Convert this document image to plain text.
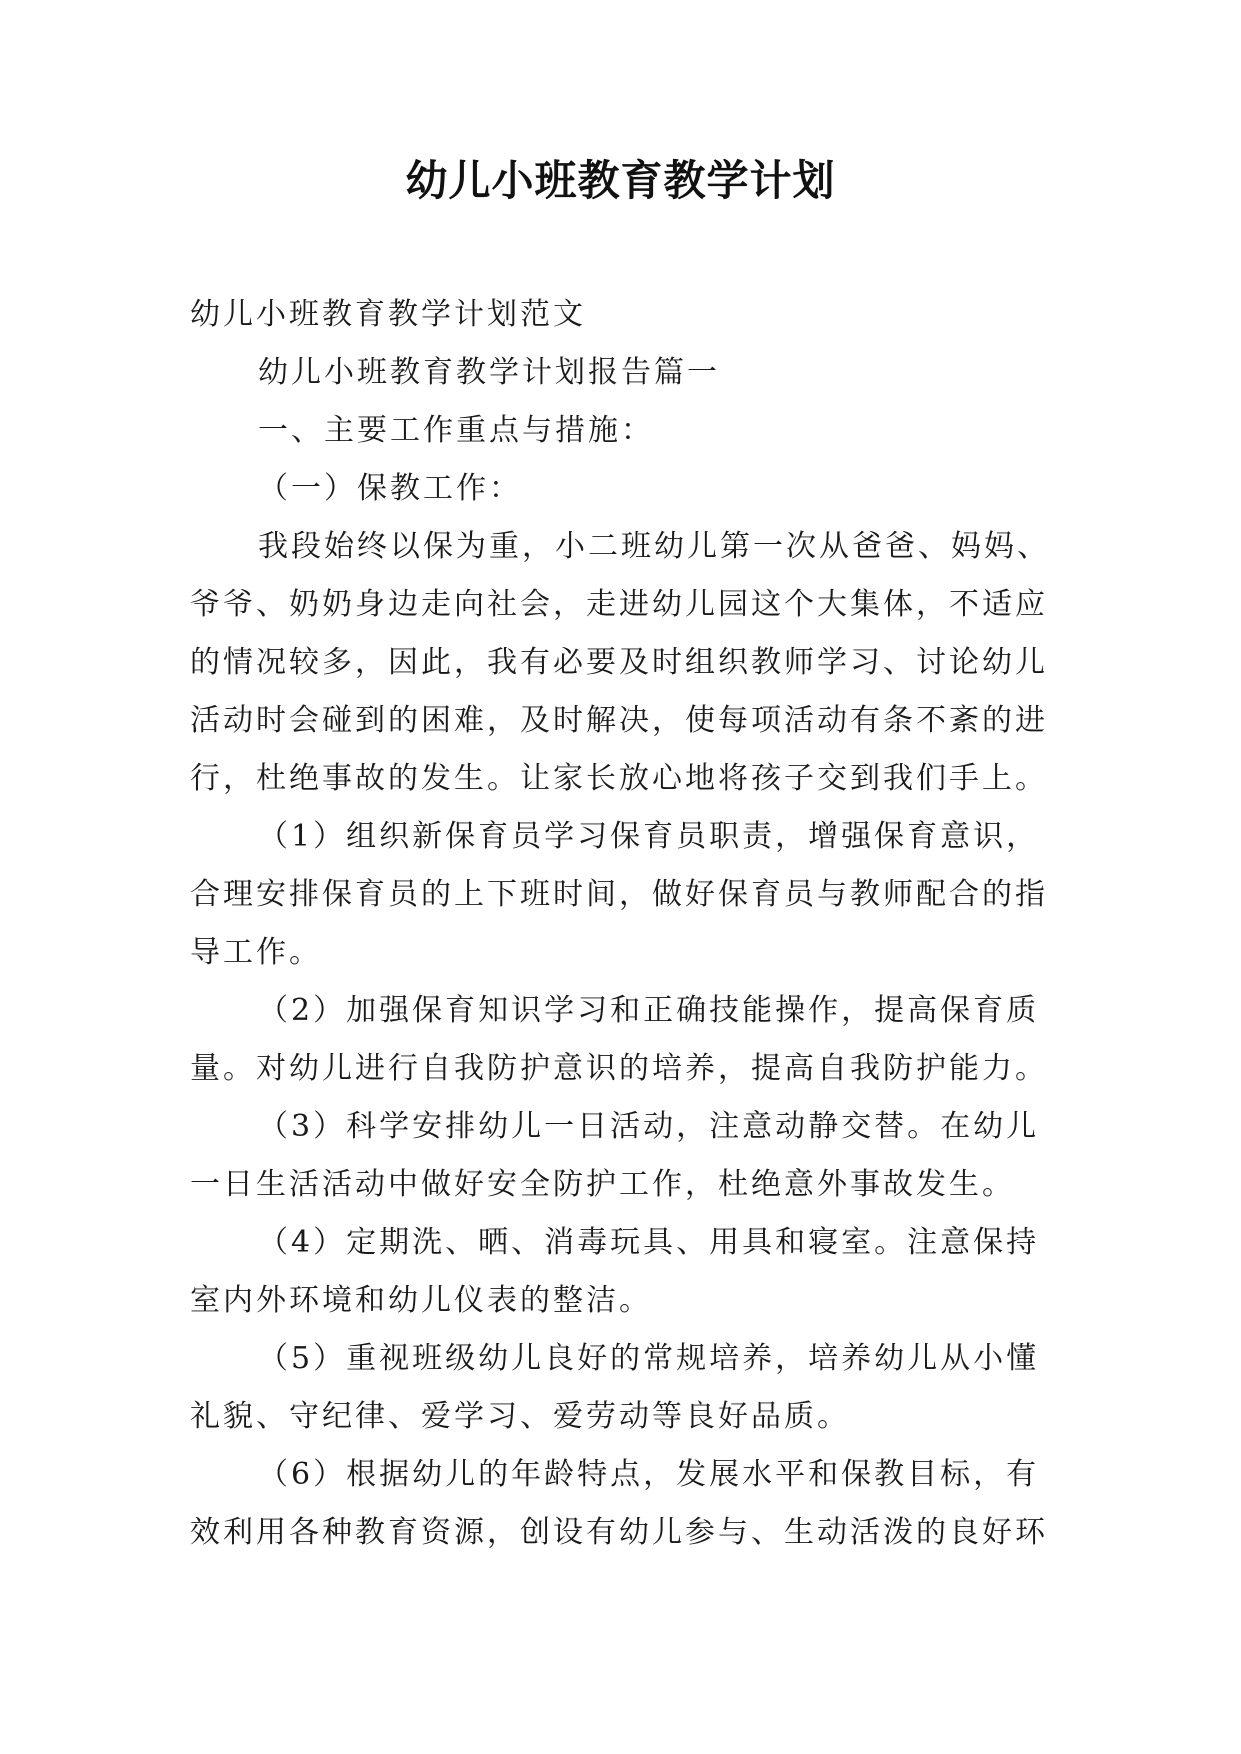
幼儿小班教育教学计划

幼儿小班教育教学计划范文

幼儿小班教育教学计划报告篇一

一、主要工作重点与措施：

（一）保教工作：

我段始终以保为重，小二班幼儿第一次从爸爸、妈妈、爷爷、奶奶身边走向社会，走进幼儿园这个大集体，不适应的情况较多，因此，我有必要及时组织教师学习、讨论幼儿活动时会碰到的困难，及时解决，使每项活动有条不紊的进行，杜绝事故的发生。让家长放心地将孩子交到我们手上。

（1）组织新保育员学习保育员职责，增强保育意识，合理安排保育员的上下班时间，做好保育员与教师配合的指导工作。

（2）加强保育知识学习和正确技能操作，提高保育质量。对幼儿进行自我防护意识的培养，提高自我防护能力。

（3）科学安排幼儿一日活动，注意动静交替。在幼儿一日生活活动中做好安全防护工作，杜绝意外事故发生。

（4）定期洗、晒、消毒玩具、用具和寝室。注意保持室内外环境和幼儿仪表的整洁。

（5）重视班级幼儿良好的常规培养，培养幼儿从小懂礼貌、守纪律、爱学习、爱劳动等良好品质。

（6）根据幼儿的年龄特点，发展水平和保教目标，有效利用各种教育资源，创设有幼儿参与、生动活泼的良好环
